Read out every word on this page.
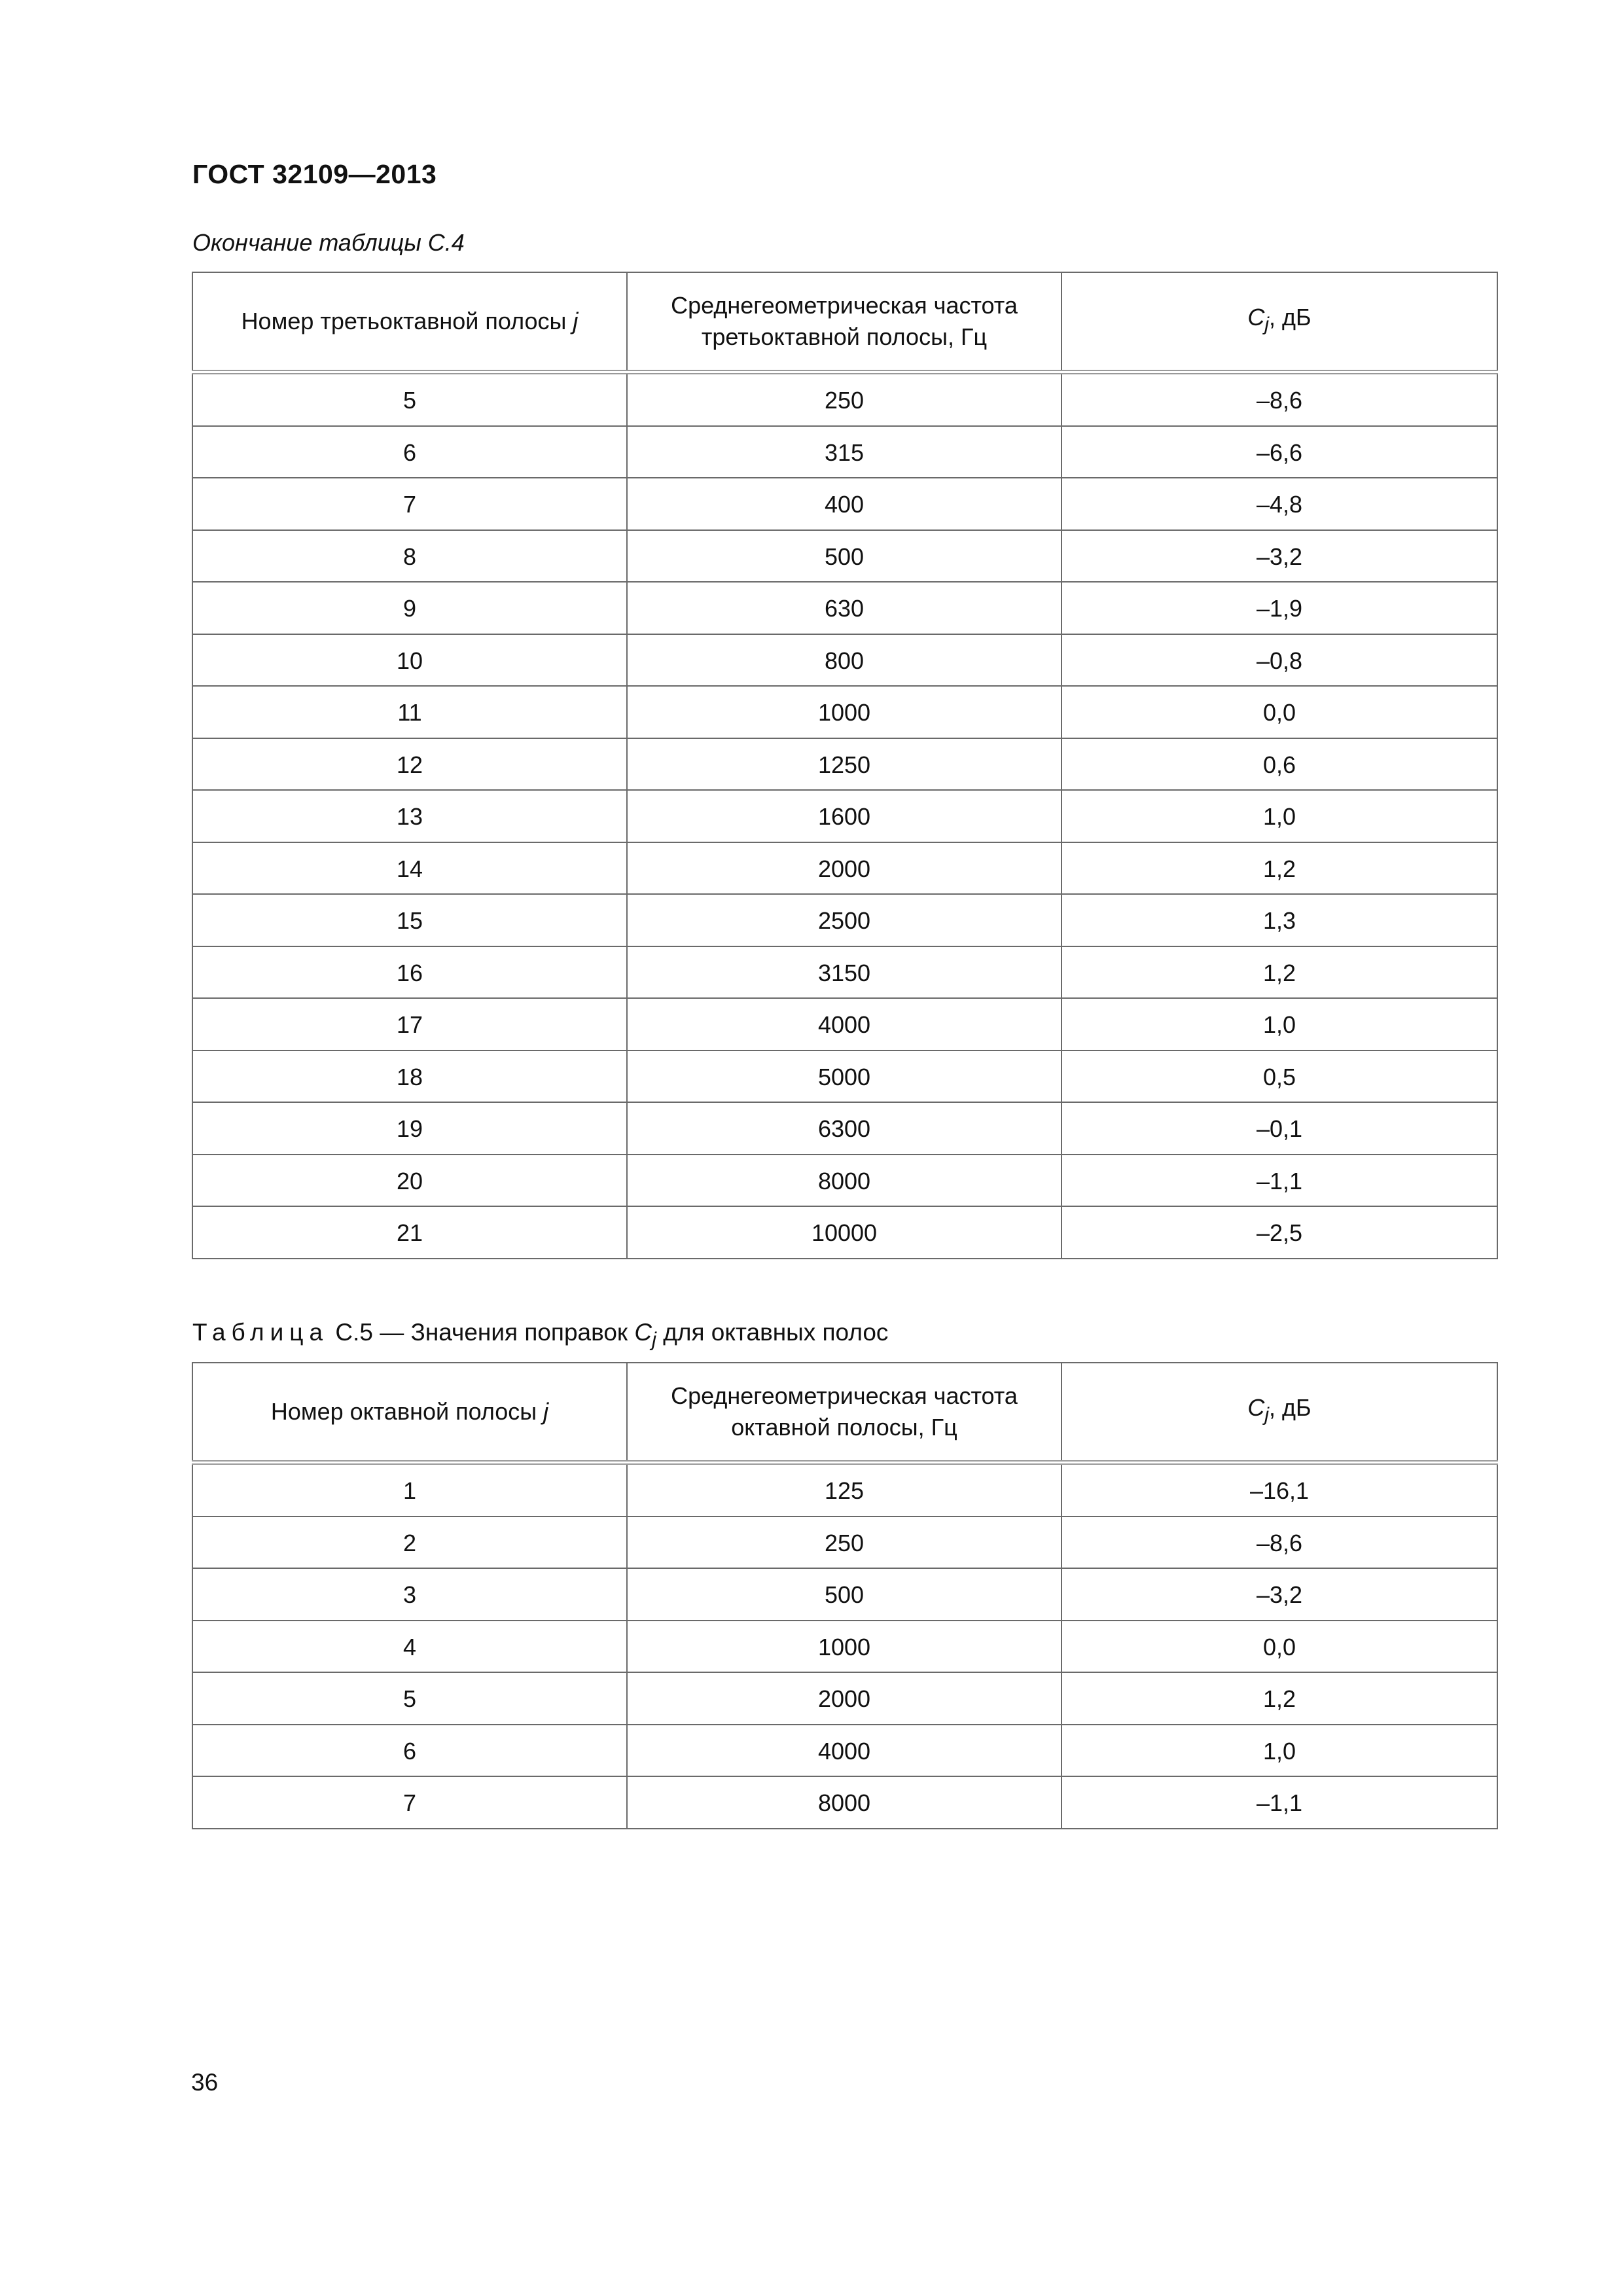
ГОСТ 32109—2013

Окончание таблицы С.4

Номер третьоктавной полосы j	Среднегеометрическая частота третьоктавной полосы, Гц	$C_j$, дБ
5	250	–8,6
6	315	–6,6
7	400	–4,8
8	500	–3,2
9	630	–1,9
10	800	–0,8
11	1000	0,0
12	1250	0,6
13	1600	1,0
14	2000	1,2
15	2500	1,3
16	3150	1,2
17	4000	1,0
18	5000	0,5
19	6300	–0,1
20	8000	–1,1
21	10000	–2,5

Таблица С.5 — Значения поправок $C_j$ для октавных полос

Номер октавной полосы j	Среднегеометрическая частота октавной полосы, Гц	$C_j$, дБ
1	125	–16,1
2	250	–8,6
3	500	–3,2
4	1000	0,0
5	2000	1,2
6	4000	1,0
7	8000	–1,1

36
